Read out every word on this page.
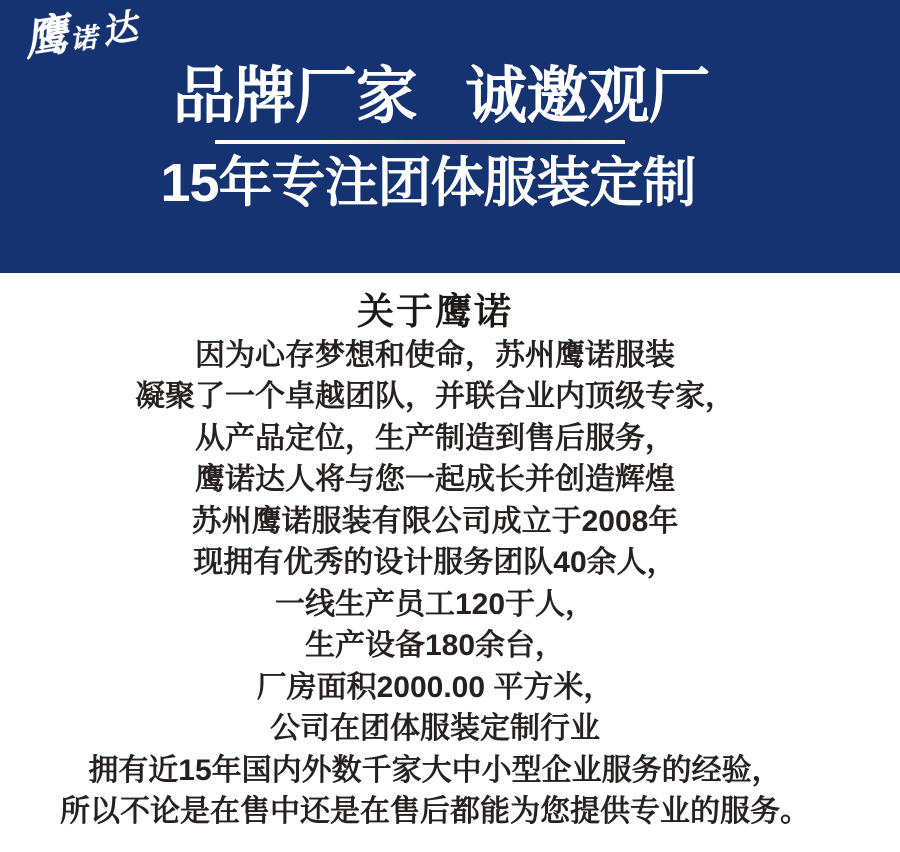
鹰
诺 达
品牌厂家  诚邀观厂
15年专注团体服装定制
关于鹰诺

因为心存梦想和使命，苏州鹰诺服装

凝聚了一个卓越团队，并联合业内顶级专家，

从产品定位，生产制造到售后服务，

鹰诺达人将与您一起成长并创造辉煌

苏州鹰诺服装有限公司成立于2008年

现拥有优秀的设计服务团队40余人，

一线生产员工120于人，

生产设备180余台，

厂房面积2000.00 平方米，

公司在团体服装定制行业

拥有近15年国内外数千家大中小型企业服务的经验，

所以不论是在售中还是在售后都能为您提供专业的服务。
